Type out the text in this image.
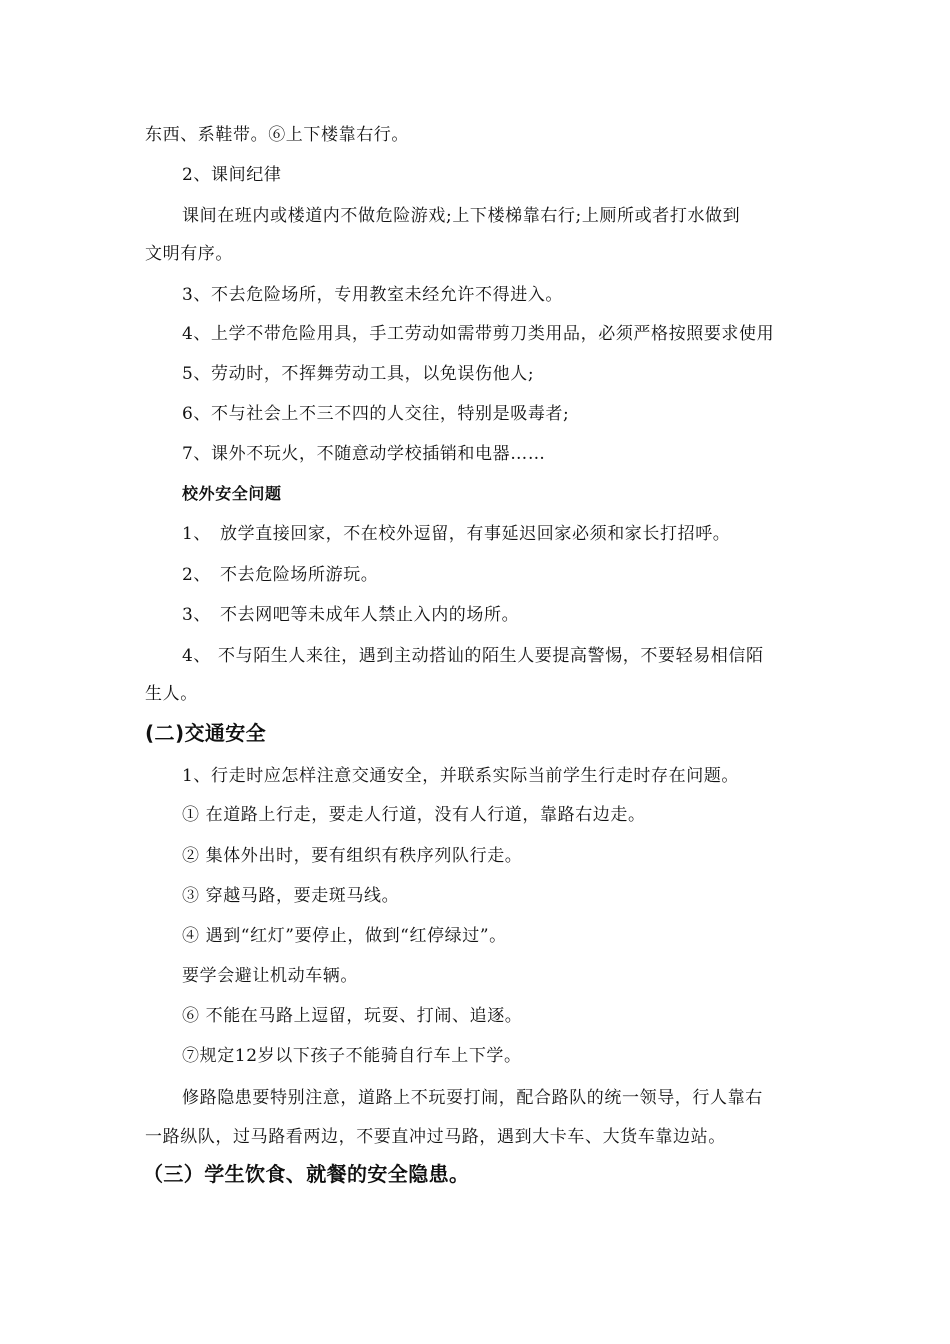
东西、系鞋带。⑥上下楼靠右行。
2、课间纪律
课间在班内或楼道内不做危险游戏;上下楼梯靠右行;上厕所或者打水做到
文明有序。
3、不去危险场所，专用教室未经允许不得进入。
4、上学不带危险用具，手工劳动如需带剪刀类用品，必须严格按照要求使用
5、劳动时，不挥舞劳动工具，以免误伤他人;
6、不与社会上不三不四的人交往，特别是吸毒者;
7、课外不玩火，不随意动学校插销和电器……
校外安全问题
1、 放学直接回家，不在校外逗留，有事延迟回家必须和家长打招呼。
2、 不去危险场所游玩。
3、 不去网吧等未成年人禁止入内的场所。
4、 不与陌生人来往，遇到主动搭讪的陌生人要提高警惕，不要轻易相信陌
生人。
(二)交通安全
1、行走时应怎样注意交通安全，并联系实际当前学生行走时存在问题。
① 在道路上行走，要走人行道，没有人行道，靠路右边走。
② 集体外出时，要有组织有秩序列队行走。
③ 穿越马路，要走斑马线。
④ 遇到“红灯”要停止，做到“红停绿过”。
要学会避让机动车辆。
⑥ 不能在马路上逗留，玩耍、打闹、追逐。
⑦规定12岁以下孩子不能骑自行车上下学。
修路隐患要特别注意，道路上不玩耍打闹，配合路队的统一领导，行人靠右
一路纵队，过马路看两边，不要直冲过马路，遇到大卡车、大货车靠边站。
（三）学生饮食、就餐的安全隐患。
